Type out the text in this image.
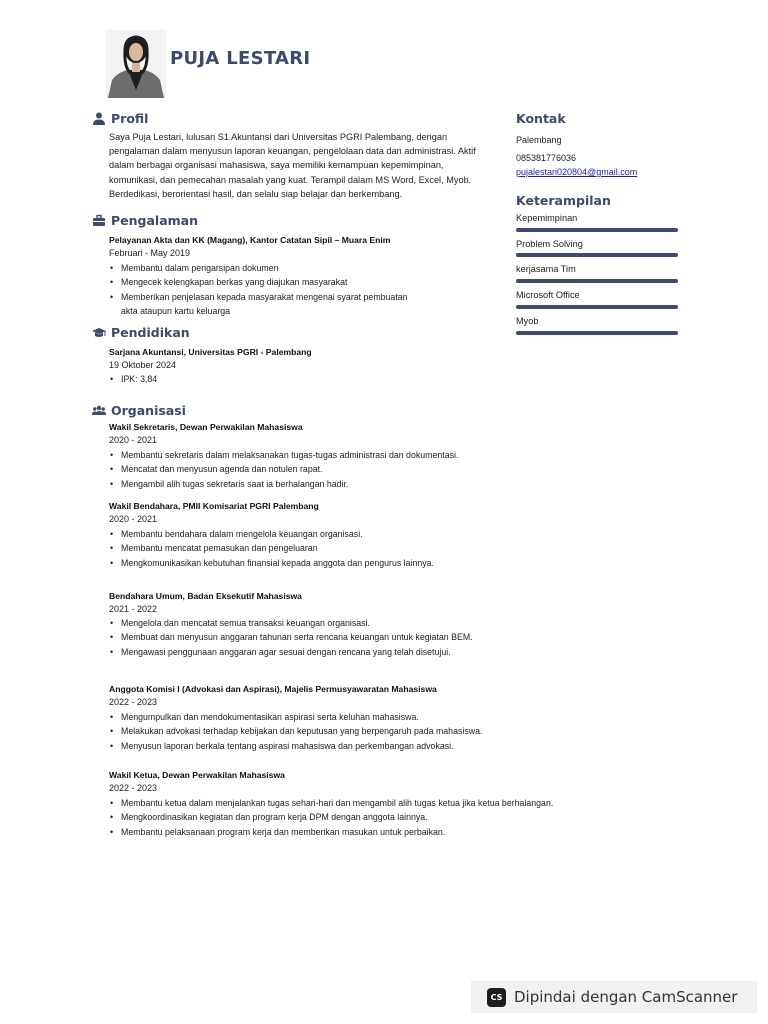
PUJA LESTARI
Profil
Saya Puja Lestari, lulusan S1 Akuntansi dari Universitas PGRI Palembang, dengan pengalaman dalam menyusun laporan keuangan, pengelolaan data dan administrasi. Aktif dalam berbagai organisasi mahasiswa, saya memiliki kemampuan kepemimpinan, komunikasi, dan pemecahan masalah yang kuat. Terampil dalam MS Word, Excel, Myob. Berdedikasi, berorientasi hasil, dan selalu siap belajar dan berkembang.
Pengalaman
Pelayanan Akta dan KK (Magang), Kantor Catatan Sipil – Muara Enim
Februari - May 2019
• Membantu dalam pengarsipan dokumen
• Mengecek kelengkapan berkas yang diajukan masyarakat
• Memberikan penjelasan kepada masyarakat mengenai syarat pembuatan akta ataupun kartu keluarga
Pendidikan
Sarjana Akuntansi, Universitas PGRI - Palembang
19 Oktober 2024
• IPK: 3,84
Organisasi
Wakil Sekretaris, Dewan Perwakilan Mahasiswa
2020 - 2021
• Membantu sekretaris dalam melaksanakan tugas-tugas administrasi dan dokumentasi.
• Mencatat dan menyusun agenda dan notulen rapat.
• Mengambil alih tugas sekretaris saat ia berhalangan hadir.
Wakil Bendahara, PMII Komisariat PGRI Palembang
2020 - 2021
• Membantu bendahara dalam mengelola keuangan organisasi.
• Membantu mencatat pemasukan dan pengeluaran
• Mengkomunikasikan kebutuhan finansial kepada anggota dan pengurus lainnya.
Bendahara Umum, Badan Eksekutif Mahasiswa
2021 - 2022
• Mengelola dan mencatat semua transaksi keuangan organisasi.
• Membuat dan menyusun anggaran tahunan serta rencana keuangan untuk kegiatan BEM.
• Mengawasi penggunaan anggaran agar sesuai dengan rencana yang telah disetujui.
Anggota Komisi I (Advokasi dan Aspirasi), Majelis Permusyawaratan Mahasiswa
2022 - 2023
• Mengumpulkan dan mendokumentasikan aspirasi serta keluhan mahasiswa.
• Melakukan advokasi terhadap kebijakan dan keputusan yang berpengaruh pada mahasiswa.
• Menyusun laporan berkala tentang aspirasi mahasiswa dan perkembangan advokasi.
Wakil Ketua, Dewan Perwakilan Mahasiswa
2022 - 2023
• Membantu ketua dalam menjalankan tugas sehari-hari dan mengambil alih tugas ketua jika ketua berhalangan.
• Mengkoordinasikan kegiatan dan program kerja DPM dengan anggota lainnya.
• Membantu pelaksanaan program kerja dan memberikan masukan untuk perbaikan.
Kontak
Palembang
085381776036
pujalestari020804@gmail.com
Keterampilan
Kepemimpinan
Problem Solving
kerjasama Tim
Microsoft Office
Myob
CS Dipindai dengan CamScanner
